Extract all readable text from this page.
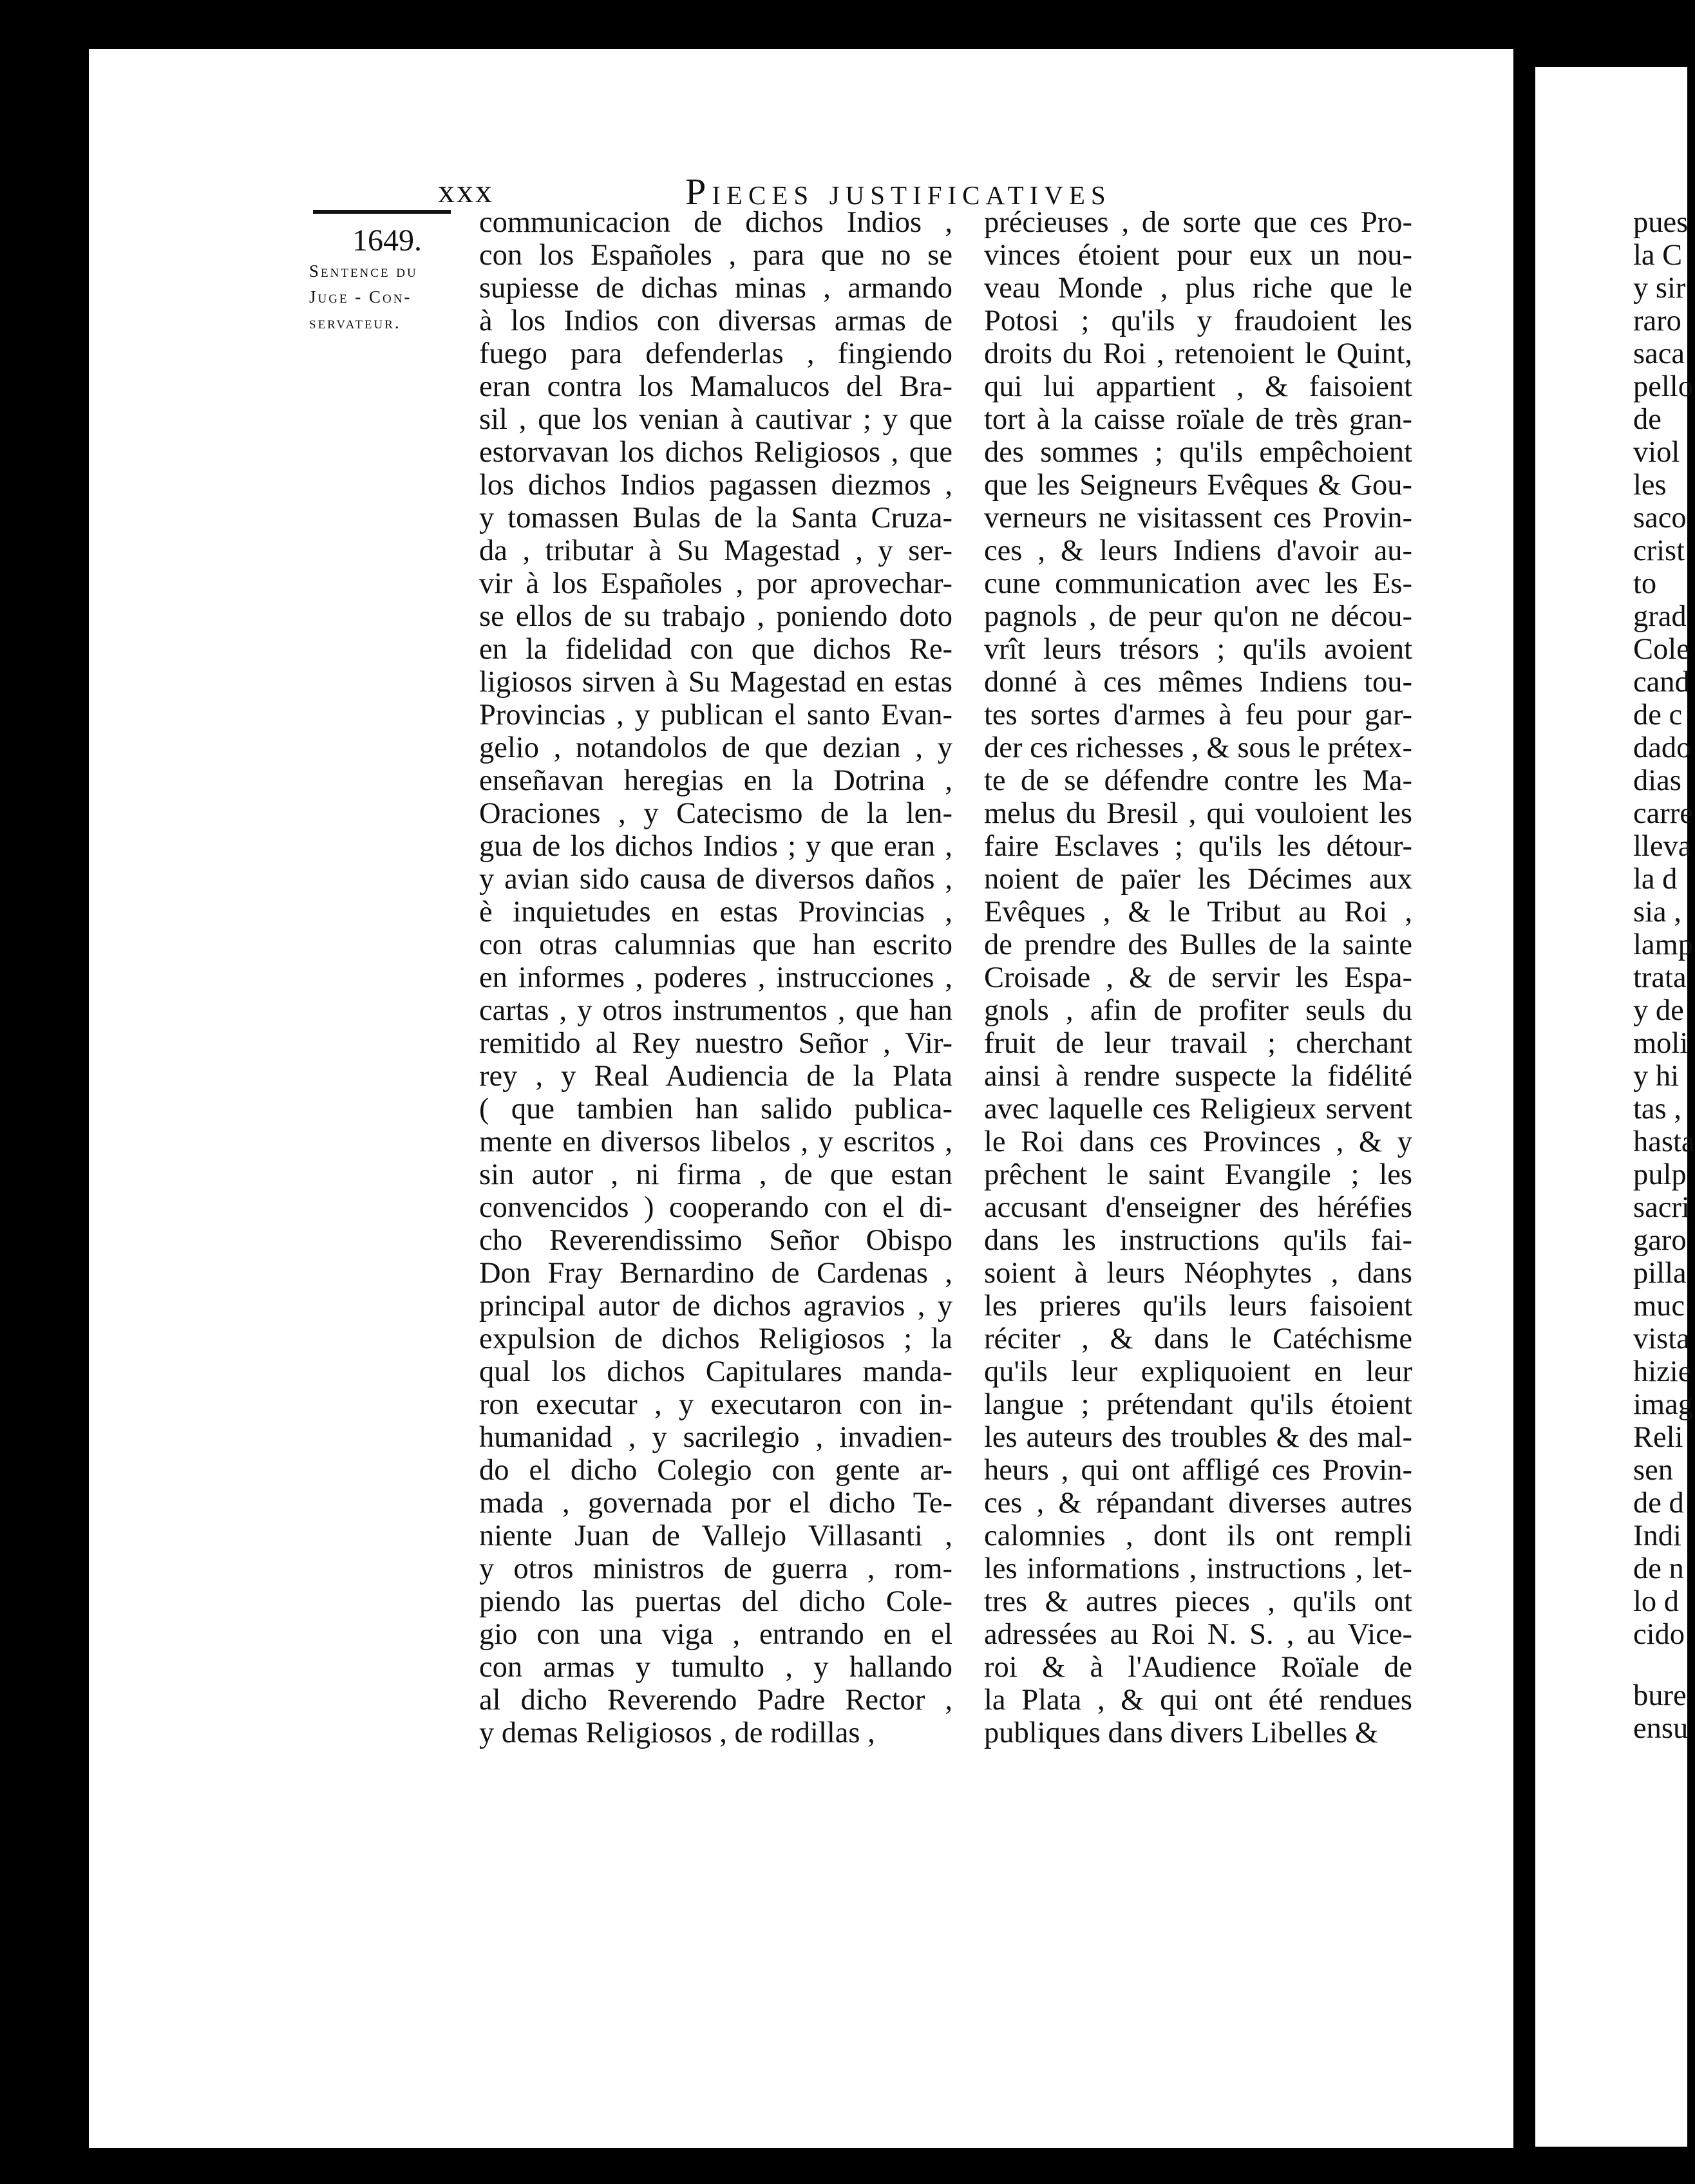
xxx	Pieces justificatives
1649.
Sentence du
Juge - Con-
servateur.
communicacion de dichos Indios ,
con los Españoles , para que no se
supiesse de dichas minas , armando
à los Indios con diversas armas de
fuego para defenderlas , fingiendo
eran contra los Mamalucos del Bra-
sil , que los venian à cautivar ; y que
estorvavan los dichos Religiosos , que
los dichos Indios pagassen diezmos ,
y tomassen Bulas de la Santa Cruza-
da , tributar à Su Magestad , y ser-
vir à los Españoles , por aprovechar-
se ellos de su trabajo , poniendo doto
en la fidelidad con que dichos Re-
ligiosos sirven à Su Magestad en estas
Provincias , y publican el santo Evan-
gelio , notandolos de que dezian , y
enseñavan heregias en la Dotrina ,
Oraciones , y Catecismo de la len-
gua de los dichos Indios ; y que eran ,
y avian sido causa de diversos daños ,
è inquietudes en estas Provincias ,
con otras calumnias que han escrito
en informes , poderes , instrucciones ,
cartas , y otros instrumentos , que han
remitido al Rey nuestro Señor , Vir-
rey , y Real Audiencia de la Plata
( que tambien han salido publica-
mente en diversos libelos , y escritos ,
sin autor , ni firma , de que estan
convencidos ) cooperando con el di-
cho Reverendissimo Señor Obispo
Don Fray Bernardino de Cardenas ,
principal autor de dichos agravios , y
expulsion de dichos Religiosos ; la
qual los dichos Capitulares manda-
ron executar , y executaron con in-
humanidad , y sacrilegio , invadien-
do el dicho Colegio con gente ar-
mada , governada por el dicho Te-
niente Juan de Vallejo Villasanti ,
y otros ministros de guerra , rom-
piendo las puertas del dicho Cole-
gio con una viga , entrando en el
con armas y tumulto , y hallando
al dicho Reverendo Padre Rector ,
y demas Religiosos , de rodillas ,
précieuses , de sorte que ces Pro-
vinces étoient pour eux un nou-
veau Monde , plus riche que le
Potosi ; qu'ils y fraudoient les
droits du Roi , retenoient le Quint,
qui lui appartient , & faisoient
tort à la caisse roïale de très gran-
des sommes ; qu'ils empêchoient
que les Seigneurs Evêques & Gou-
verneurs ne visitassent ces Provin-
ces , & leurs Indiens d'avoir au-
cune communication avec les Es-
pagnols , de peur qu'on ne décou-
vrît leurs trésors ; qu'ils avoient
donné à ces mêmes Indiens tou-
tes sortes d'armes à feu pour gar-
der ces richesses , & sous le prétex-
te de se défendre contre les Ma-
melus du Bresil , qui vouloient les
faire Esclaves ; qu'ils les détour-
noient de païer les Décimes aux
Evêques , & le Tribut au Roi ,
de prendre des Bulles de la sainte
Croisade , & de servir les Espa-
gnols , afin de profiter seuls du
fruit de leur travail ; cherchant
ainsi à rendre suspecte la fidélité
avec laquelle ces Religieux servent
le Roi dans ces Provinces , & y
prêchent le saint Evangile ; les
accusant d'enseigner des héréfies
dans les instructions qu'ils fai-
soient à leurs Néophytes , dans
les prieres qu'ils leurs faisoient
réciter , & dans le Catéchisme
qu'ils leur expliquoient en leur
langue ; prétendant qu'ils étoient
les auteurs des troubles & des mal-
heurs , qui ont affligé ces Provin-
ces , & répandant diverses autres
calomnies , dont ils ont rempli
les informations , instructions , let-
tres & autres pieces , qu'ils ont
adressées au Roi N. S. , au Vice-
roi & à l'Audience Roïale de
la Plata , & qui ont été rendues
publiques dans divers Libelles &
pues
la C
y sir
raro
saca
pello
de
viol
les
saco
crist
to
grad
Cole
cand
de c
dado
dias
carre
lleva
la d
sia ,
lamp
trata
y de
moli
y hi
tas ,
hasta
pulp
sacri
garo
pilla
muc
vista
hizie
imag
Reli
sen
de d
Indi
de n
lo d
cido
bure
ensu
